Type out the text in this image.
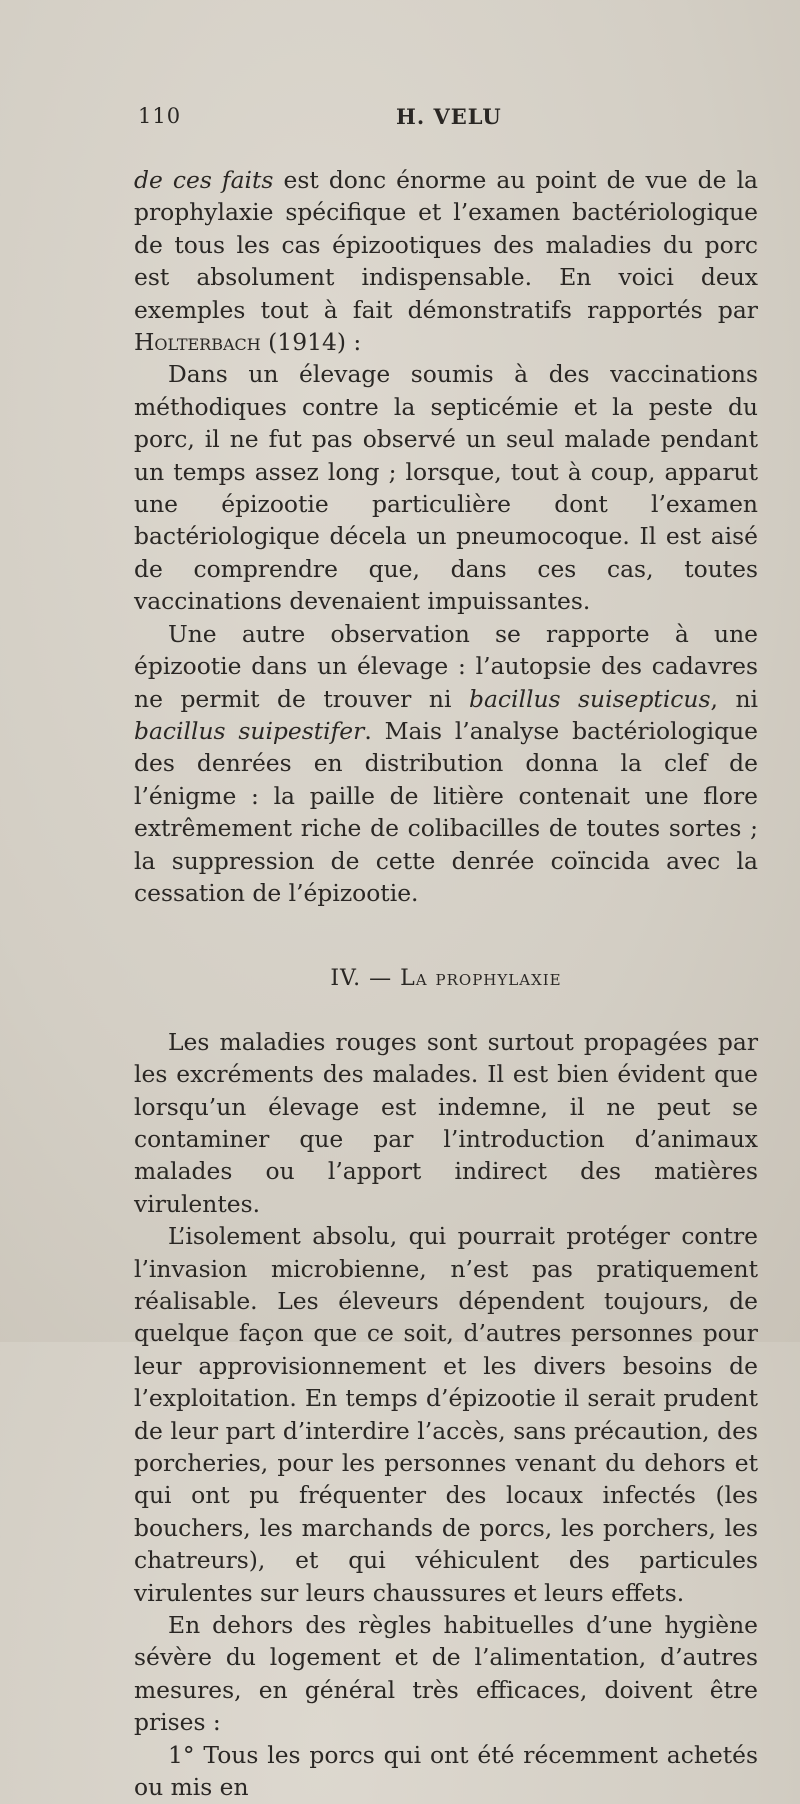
110	H. VELU

de ces faits est donc énorme au point de vue de la prophylaxie spécifique et l’examen bactériologique de tous les cas épizootiques des maladies du porc est absolument indispensable. En voici deux exemples tout à fait démonstratifs rapportés par Holterbach (1914) :

Dans un élevage soumis à des vaccinations méthodiques contre la septicémie et la peste du porc, il ne fut pas observé un seul malade pendant un temps assez long ; lorsque, tout à coup, apparut une épizootie particulière dont l’examen bactériologique décela un pneumocoque. Il est aisé de comprendre que, dans ces cas, toutes vaccinations devenaient impuissantes.

Une autre observation se rapporte à une épizootie dans un élevage : l’autopsie des cadavres ne permit de trouver ni bacillus suisepticus, ni bacillus suipestifer. Mais l’analyse bactériologique des denrées en distribution donna la clef de l’énigme : la paille de litière contenait une flore extrêmement riche de colibacilles de toutes sortes ; la suppression de cette denrée coïncida avec la cessation de l’épizootie.

IV. — La prophylaxie

Les maladies rouges sont surtout propagées par les excréments des malades. Il est bien évident que lorsqu’un élevage est indemne, il ne peut se contaminer que par l’introduction d’animaux malades ou l’apport indirect des matières virulentes.

L’isolement absolu, qui pourrait protéger contre l’invasion microbienne, n’est pas pratiquement réalisable. Les éleveurs dépendent toujours, de quelque façon que ce soit, d’autres personnes pour leur approvisionnement et les divers besoins de l’exploitation. En temps d’épizootie il serait prudent de leur part d’interdire l’accès, sans précaution, des porcheries, pour les personnes venant du dehors et qui ont pu fréquenter des locaux infectés (les bouchers, les marchands de porcs, les porchers, les chatreurs), et qui véhiculent des particules virulentes sur leurs chaussures et leurs effets.

En dehors des règles habituelles d’une hygiène sévère du logement et de l’alimentation, d’autres mesures, en général très efficaces, doivent être prises :

1° Tous les porcs qui ont été récemment achetés ou mis en
